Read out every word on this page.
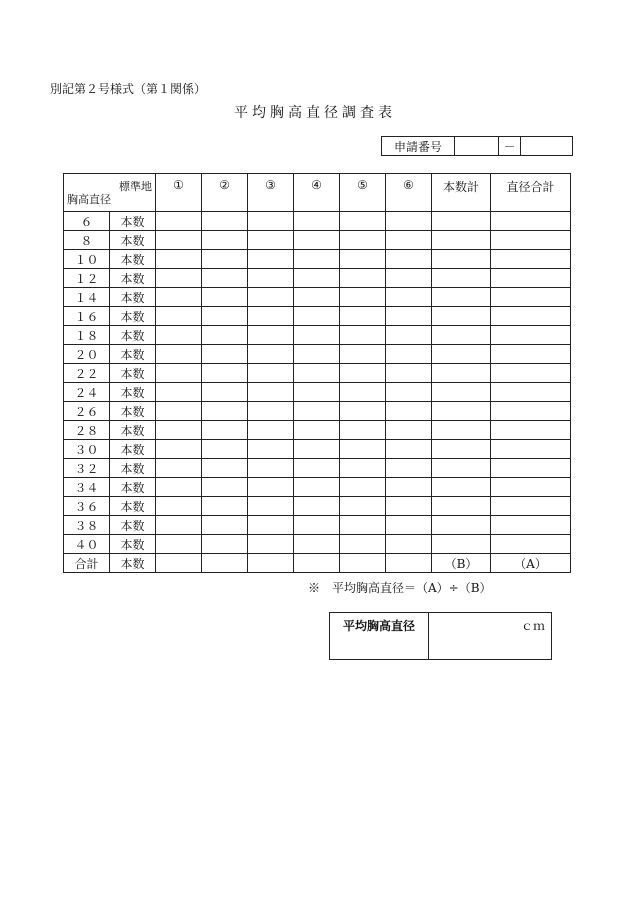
別記第２号様式（第１関係）
平均胸高直径調査表
申請番号		－	
標準地
胸高直径		①	②	③	④	⑤	⑥	本数計	直径合計
６	本数								
８	本数								
１０	本数								
１２	本数								
１４	本数								
１６	本数								
１８	本数								
２０	本数								
２２	本数								
２４	本数								
２６	本数								
２８	本数								
３０	本数								
３２	本数								
３４	本数								
３６	本数								
３８	本数								
４０	本数								
合計	本数							（B）	（A）
※　平均胸高直径＝（A）÷（B）
平均胸高直径	ｃｍ
